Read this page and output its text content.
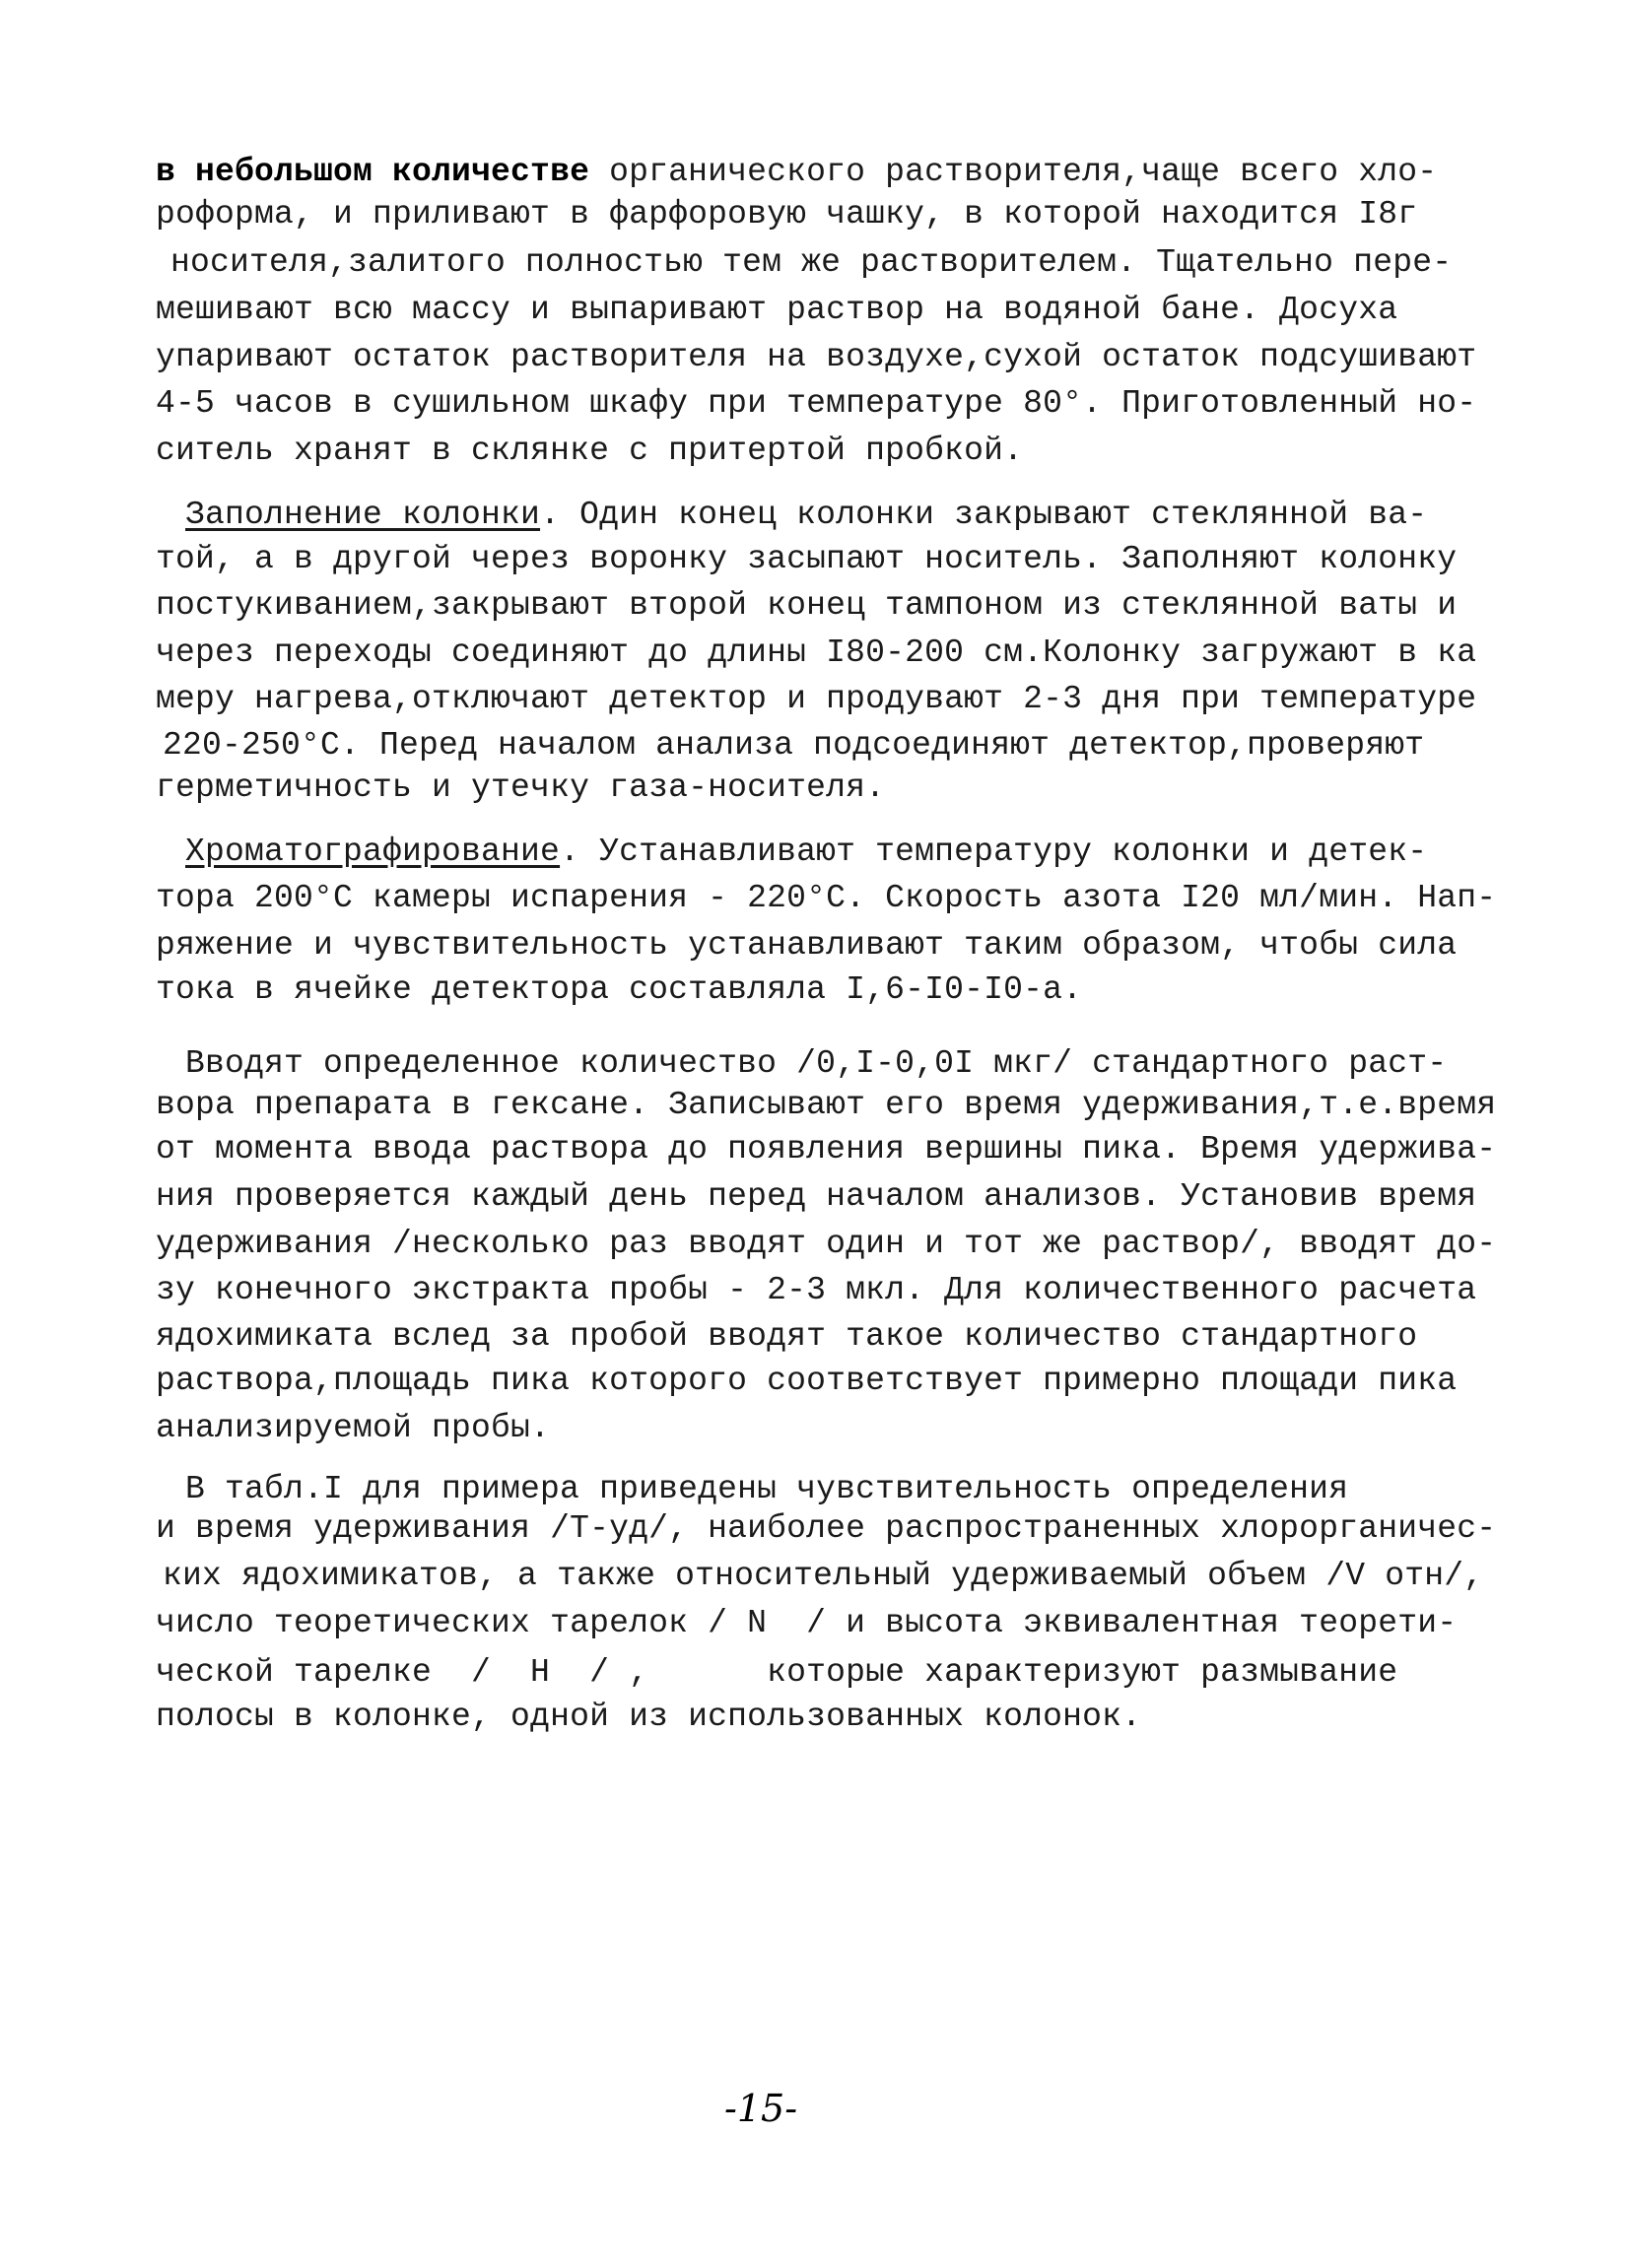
в небольшом количестве органического растворителя,чаще всего хло-
роформа, и приливают в фарфоровую чашку, в которой находится I8г
носителя,залитого полностью тем же растворителем. Тщательно пере-
мешивают всю массу и выпаривают раствор на водяной бане. Досуха
упаривают остаток растворителя на воздухе,сухой остаток подсушивают
4-5 часов в сушильном шкафу при температуре 80°. Приготовленный но-
ситель хранят в склянке с притертой пробкой.
Заполнение колонки. Один конец колонки закрывают стеклянной ва-
той, а в другой через воронку засыпают носитель. Заполняют колонку
постукиванием,закрывают второй конец тампоном из стеклянной ваты и
через переходы соединяют до длины I80-200 см.Колонку загружают в ка
меру нагрева,отключают детектор и продувают 2-3 дня при температуре
220-250°С. Перед началом анализа подсоединяют детектор,проверяют
герметичность и утечку газа-носителя.
Хроматографирование. Устанавливают температуру колонки и детек-
тора 200°С камеры испарения - 220°С. Скорость азота I20 мл/мин. Нап-
ряжение и чувствительность устанавливают таким образом, чтобы сила
тока в ячейке детектора составляла I,6-I0-I0-а.
Вводят определенное количество /0,I-0,0I мкг/ стандартного раст-
вора препарата в гексане. Записывают его время удерживания,т.е.время
от момента ввода раствора до появления вершины пика. Время удержива-
ния проверяется каждый день перед началом анализов. Установив время
удерживания /несколько раз вводят один и тот же раствор/, вводят до-
зу конечного экстракта пробы - 2-3 мкл. Для количественного расчета
ядохимиката вслед за пробой вводят такое количество стандартного
раствора,площадь пика которого соответствует примерно площади пика
анализируемой пробы.
В табл.I для примера приведены чувствительность определения
и время удерживания /Т-уд/, наиболее распространенных хлорорганичес-
ких ядохимикатов, а также относительный удерживаемый объем /V отн/,
число теоретических тарелок / N  / и высота эквивалентная теорети-
ческой тарелке  /  H  / ,      которые характеризуют размывание
полосы в колонке, одной из использованных колонок.
-15-
